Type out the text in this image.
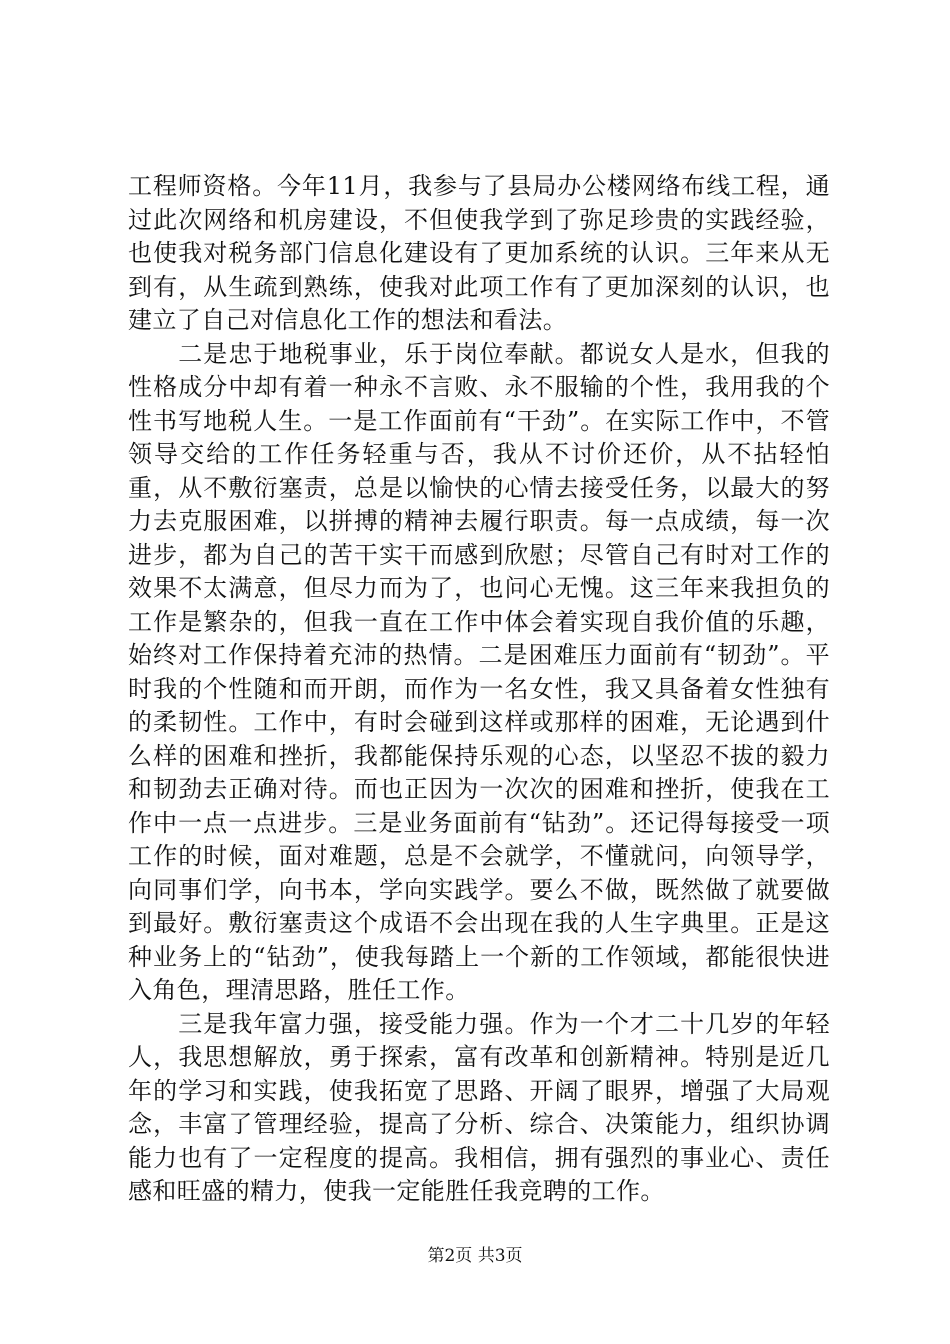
工程师资格。今年11月，我参与了县局办公楼网络布线工程，通过此次网络和机房建设，不但使我学到了弥足珍贵的实践经验，也使我对税务部门信息化建设有了更加系统的认识。三年来从无到有，从生疏到熟练，使我对此项工作有了更加深刻的认识，也建立了自己对信息化工作的想法和看法。

　　二是忠于地税事业，乐于岗位奉献。都说女人是水，但我的性格成分中却有着一种永不言败、永不服输的个性，我用我的个性书写地税人生。一是工作面前有“干劲”。在实际工作中，不管领导交给的工作任务轻重与否，我从不讨价还价，从不拈轻怕重，从不敷衍塞责，总是以愉快的心情去接受任务，以最大的努力去克服困难，以拼搏的精神去履行职责。每一点成绩，每一次进步，都为自己的苦干实干而感到欣慰；尽管自己有时对工作的效果不太满意，但尽力而为了，也问心无愧。这三年来我担负的工作是繁杂的，但我一直在工作中体会着实现自我价值的乐趣，始终对工作保持着充沛的热情。二是困难压力面前有“韧劲”。平时我的个性随和而开朗，而作为一名女性，我又具备着女性独有的柔韧性。工作中，有时会碰到这样或那样的困难，无论遇到什么样的困难和挫折，我都能保持乐观的心态，以坚忍不拔的毅力和韧劲去正确对待。而也正因为一次次的困难和挫折，使我在工作中一点一点进步。三是业务面前有“钻劲”。还记得每接受一项工作的时候，面对难题，总是不会就学，不懂就问，向领导学，向同事们学，向书本，学向实践学。要么不做，既然做了就要做到最好。敷衍塞责这个成语不会出现在我的人生字典里。正是这种业务上的“钻劲”，使我每踏上一个新的工作领域，都能很快进入角色，理清思路，胜任工作。

　　三是我年富力强，接受能力强。作为一个才二十几岁的年轻人，我思想解放，勇于探索，富有改革和创新精神。特别是近几年的学习和实践，使我拓宽了思路、开阔了眼界，增强了大局观念，丰富了管理经验，提高了分析、综合、决策能力，组织协调能力也有了一定程度的提高。我相信，拥有强烈的事业心、责任感和旺盛的精力，使我一定能胜任我竞聘的工作。

第2页 共3页
